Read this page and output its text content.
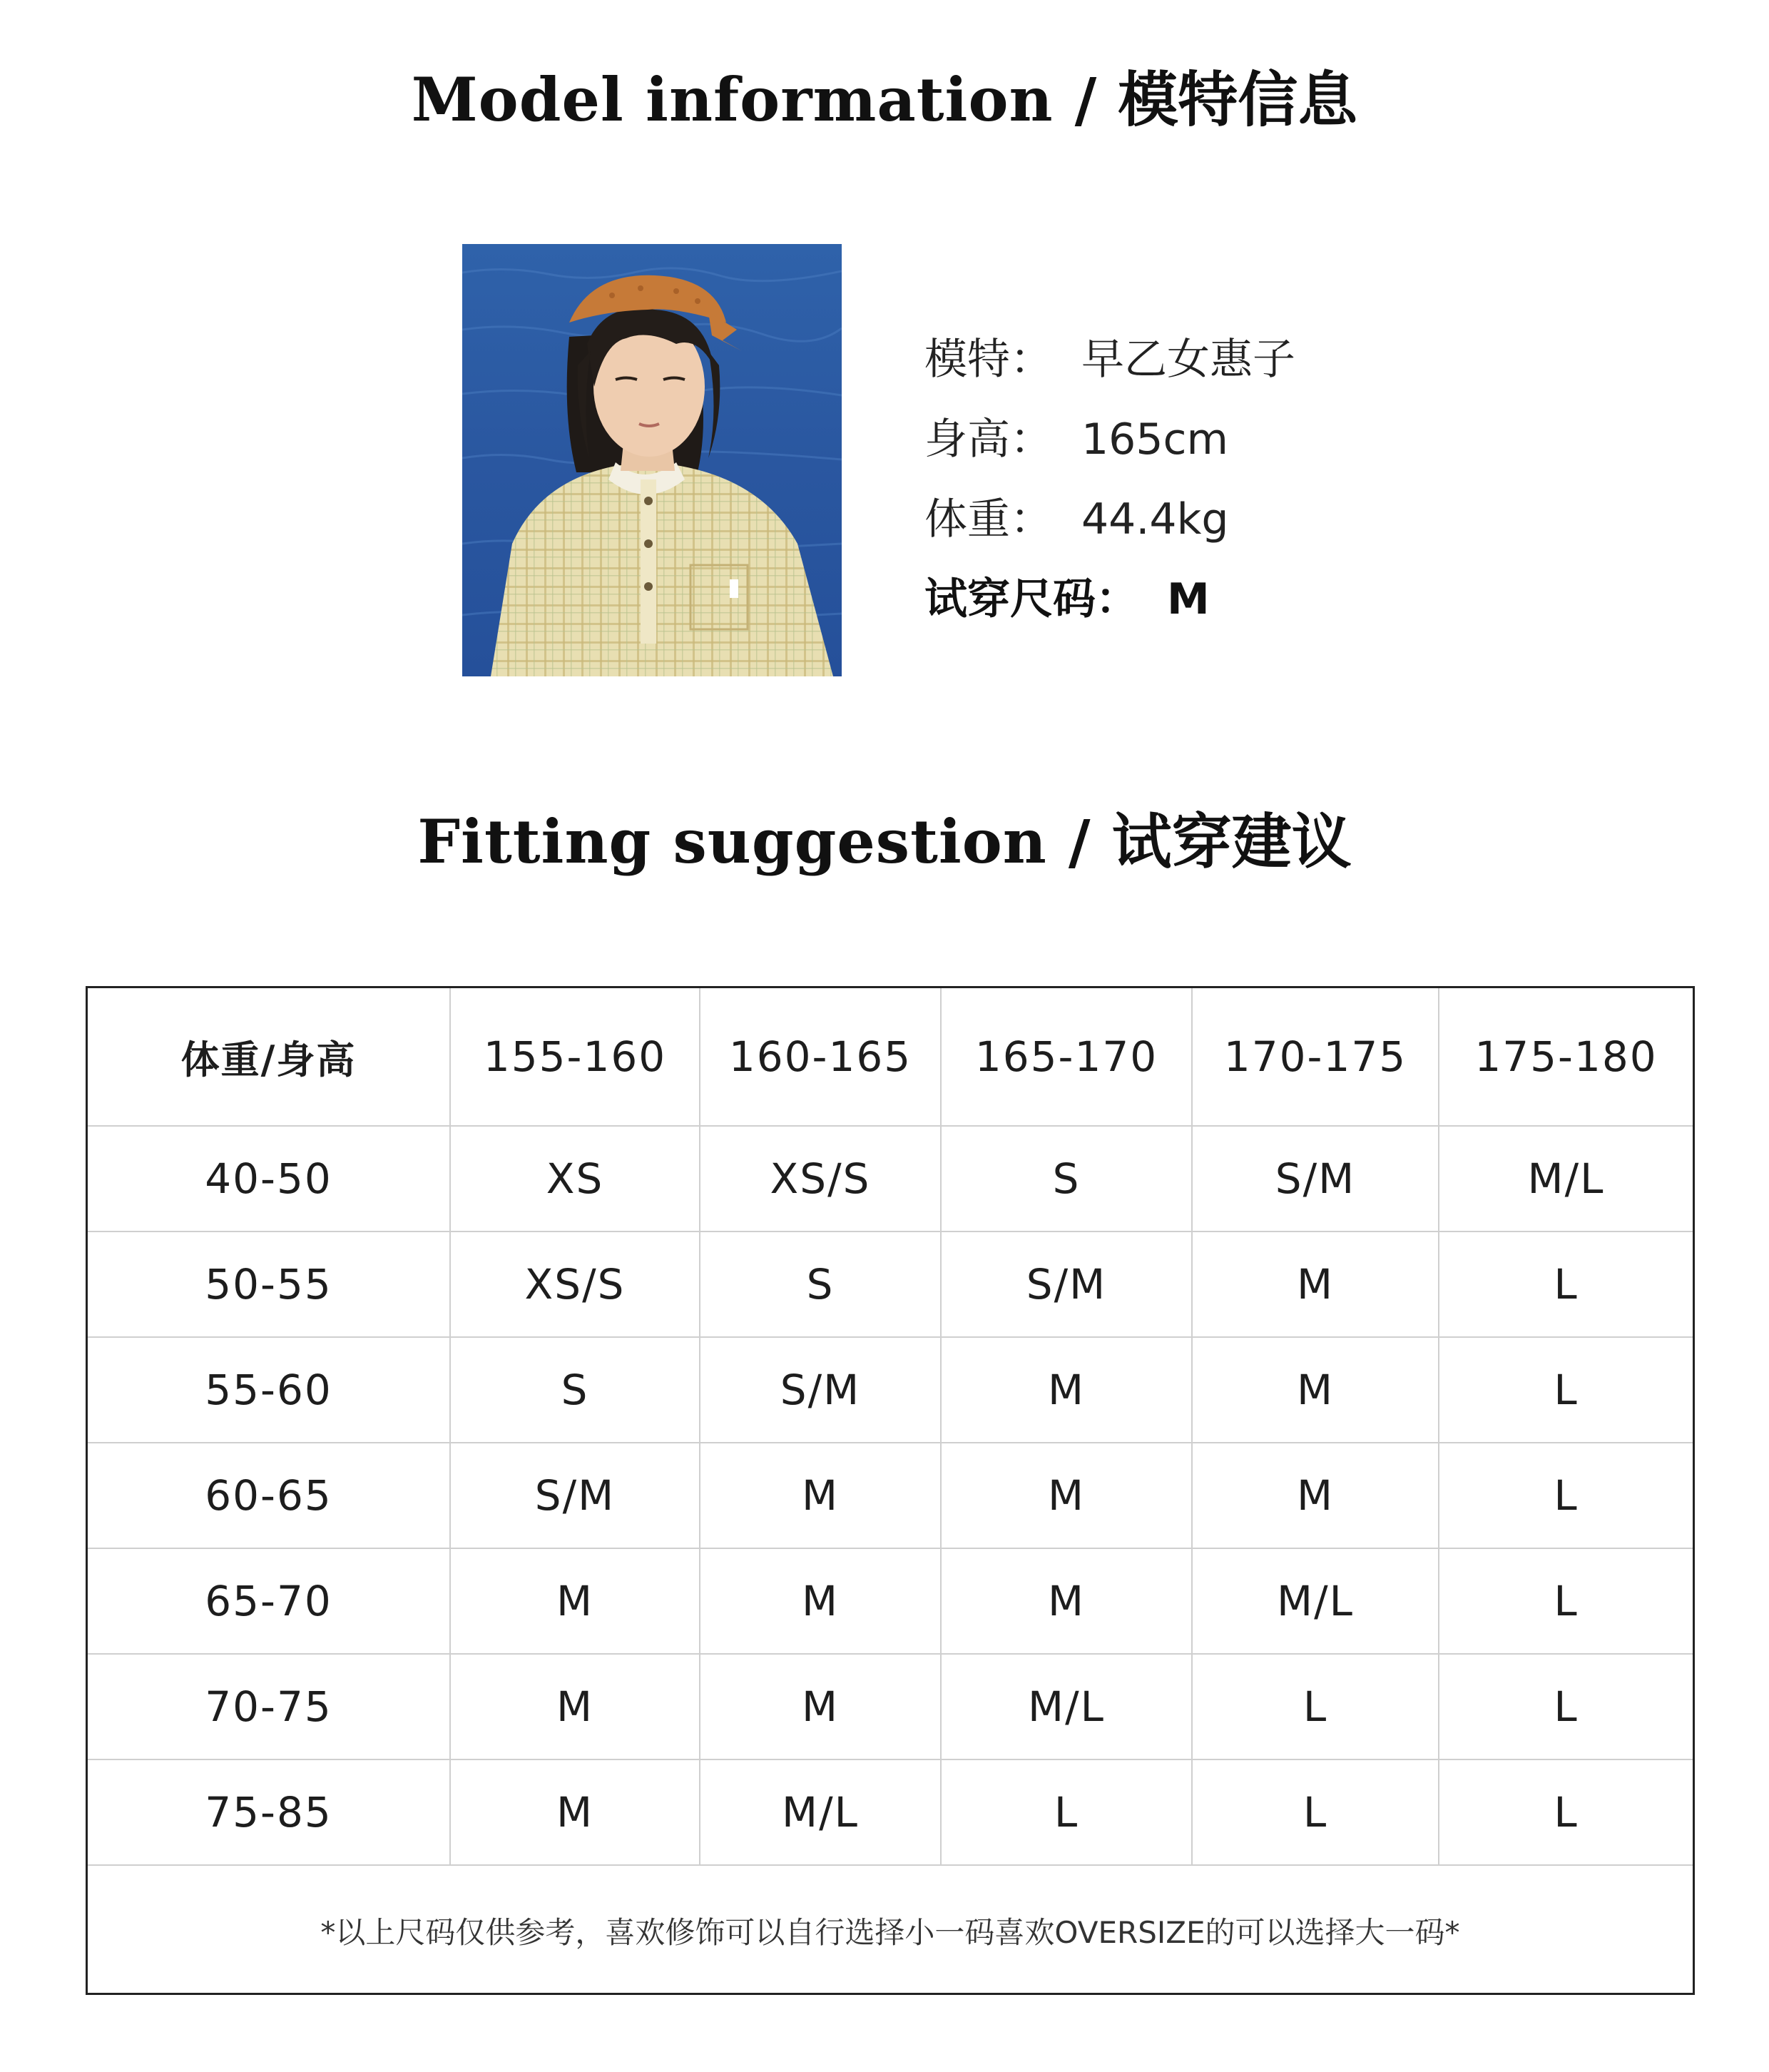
Model information / 模特信息
模特： 早乙女惠子
身高： 165cm
体重： 44.4kg
试穿尺码： M
Fitting suggestion / 试穿建议
体重/身高	155-160	160-165	165-170	170-175	175-180
40-50	XS	XS/S	S	S/M	M/L
50-55	XS/S	S	S/M	M	L
55-60	S	S/M	M	M	L
60-65	S/M	M	M	M	L
65-70	M	M	M	M/L	L
70-75	M	M	M/L	L	L
75-85	M	M/L	L	L	L
*以上尺码仅供参考，喜欢修饰可以自行选择小一码喜欢OVERSIZE的可以选择大一码*
